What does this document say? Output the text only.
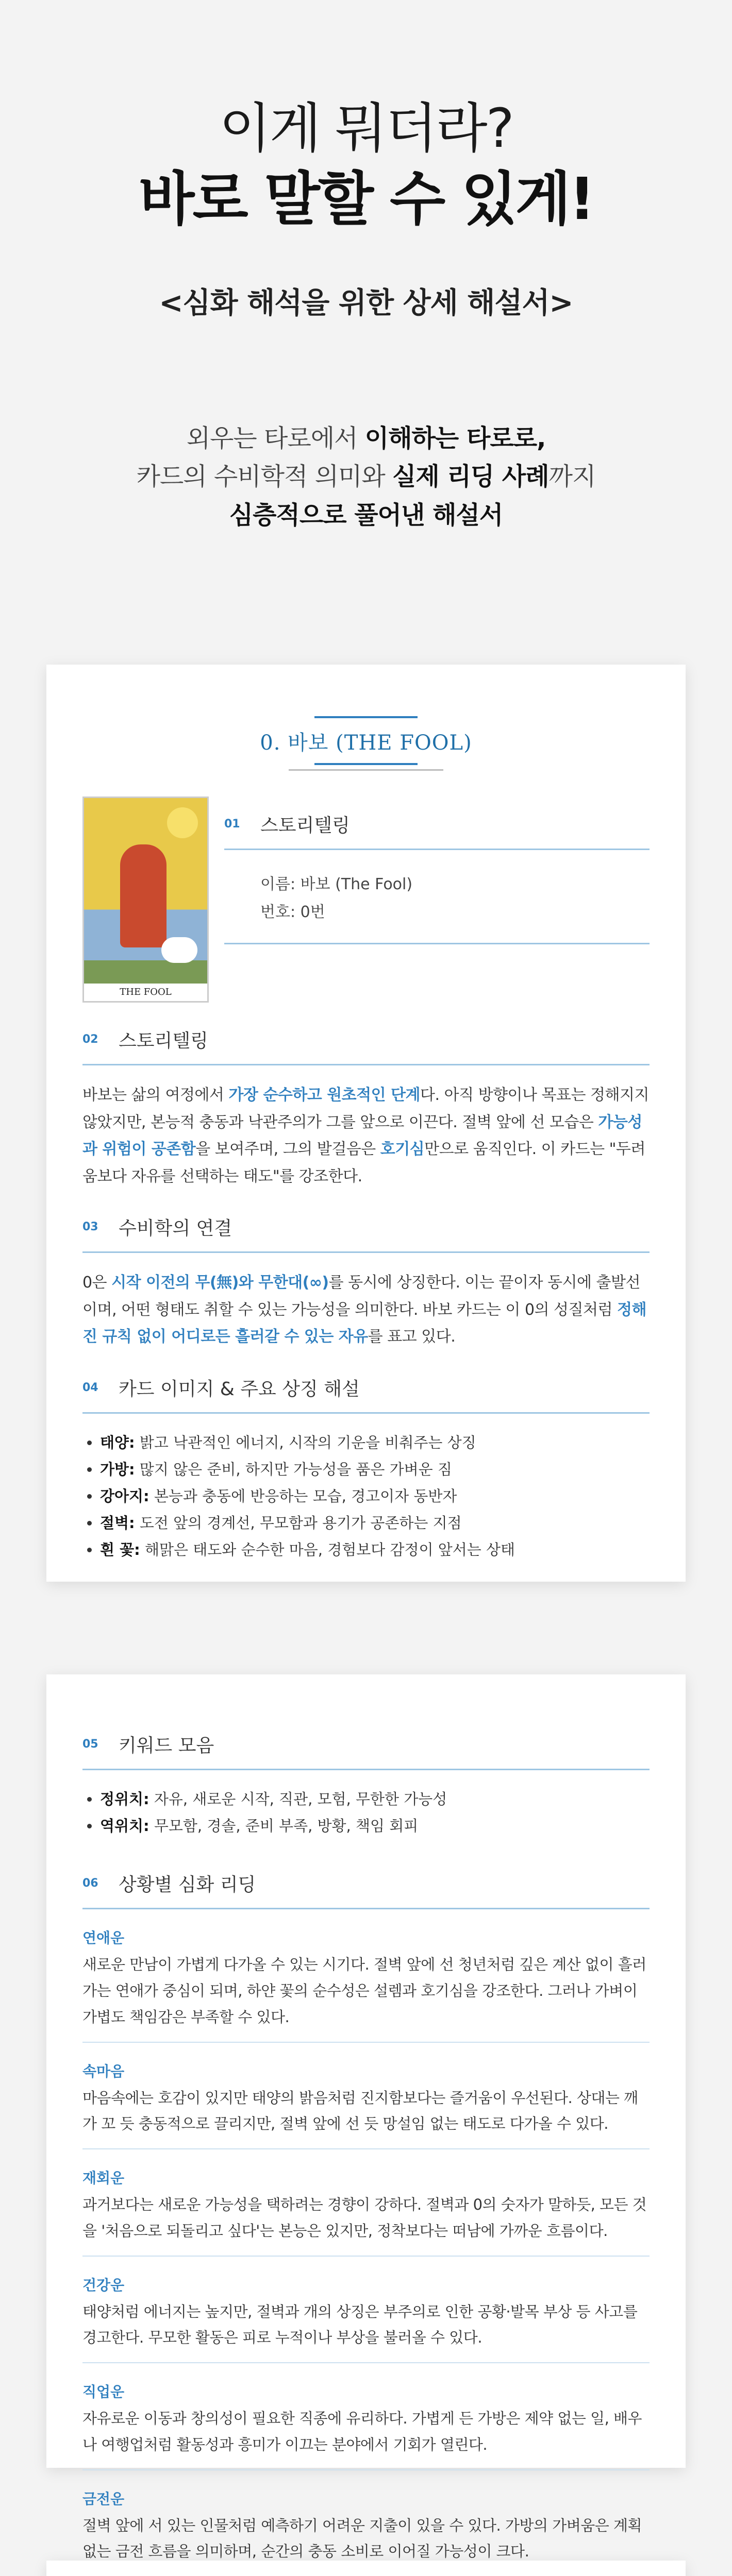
이게 뭐더라?
바로 말할 수 있게!
<심화 해석을 위한 상세 해설서>
외우는 타로에서 이해하는 타로로,
카드의 수비학적 의미와 실제 리딩 사례까지
심층적으로 풀어낸 해설서
0. 바보 (THE FOOL)
THE FOOL
01	스토리텔링
이름: 바보 (The Fool)
번호: 0번
02	스토리텔링

바보는 삶의 여정에서 가장 순수하고 원초적인 단계다. 아직 방향이나 목표는 정해지지 않았지만, 본능적 충동과 낙관주의가 그를 앞으로 이끈다. 절벽 앞에 선 모습은 가능성과 위험이 공존함을 보여주며, 그의 발걸음은 호기심만으로 움직인다. 이 카드는 "두려움보다 자유를 선택하는 태도"를 강조한다.

03	수비학의 연결

0은 시작 이전의 무(無)와 무한대(∞)를 동시에 상징한다. 이는 끝이자 동시에 출발선이며, 어떤 형태도 취할 수 있는 가능성을 의미한다. 바보 카드는 이 0의 성질처럼 정해진 규칙 없이 어디로든 흘러갈 수 있는 자유를 표고 있다.

04	카드 이미지 & 주요 상징 해설
• 태양: 밝고 낙관적인 에너지, 시작의 기운을 비춰주는 상징
• 가방: 많지 않은 준비, 하지만 가능성을 품은 가벼운 짐
• 강아지: 본능과 충동에 반응하는 모습, 경고이자 동반자
• 절벽: 도전 앞의 경계선, 무모함과 용기가 공존하는 지점
• 흰 꽃: 해맑은 태도와 순수한 마음, 경험보다 감정이 앞서는 상태
05	키워드 모음
• 정위치: 자유, 새로운 시작, 직관, 모험, 무한한 가능성
• 역위치: 무모함, 경솔, 준비 부족, 방황, 책임 회피
06	상황별 심화 리딩
연애운
새로운 만남이 가볍게 다가올 수 있는 시기다. 절벽 앞에 선 청년처럼 깊은 계산 없이 흘러가는 연애가 중심이 되며, 하얀 꽃의 순수성은 설렘과 호기심을 강조한다. 그러나 가벼이 가볍도 책임감은 부족할 수 있다.
속마음
마음속에는 호감이 있지만 태양의 밝음처럼 진지함보다는 즐거움이 우선된다. 상대는 깨가 꼬 듯 충동적으로 끌리지만, 절벽 앞에 선 듯 망설임 없는 태도로 다가올 수 있다.
재회운
과거보다는 새로운 가능성을 택하려는 경향이 강하다. 절벽과 0의 숫자가 말하듯, 모든 것을 '처음으로 되돌리고 싶다'는 본능은 있지만, 정착보다는 떠남에 가까운 흐름이다.
건강운
태양처럼 에너지는 높지만, 절벽과 개의 상징은 부주의로 인한 공황·발목 부상 등 사고를 경고한다. 무모한 활동은 피로 누적이나 부상을 불러올 수 있다.
직업운
자유로운 이동과 창의성이 필요한 직종에 유리하다. 가볍게 든 가방은 제약 없는 일, 배우나 여행업처럼 활동성과 흥미가 이끄는 분야에서 기회가 열린다.
금전운
절벽 앞에 서 있는 인물처럼 예측하기 어려운 지출이 있을 수 있다. 가방의 가벼움은 계획 없는 금전 흐름을 의미하며, 순간의 충동 소비로 이어질 가능성이 크다.
